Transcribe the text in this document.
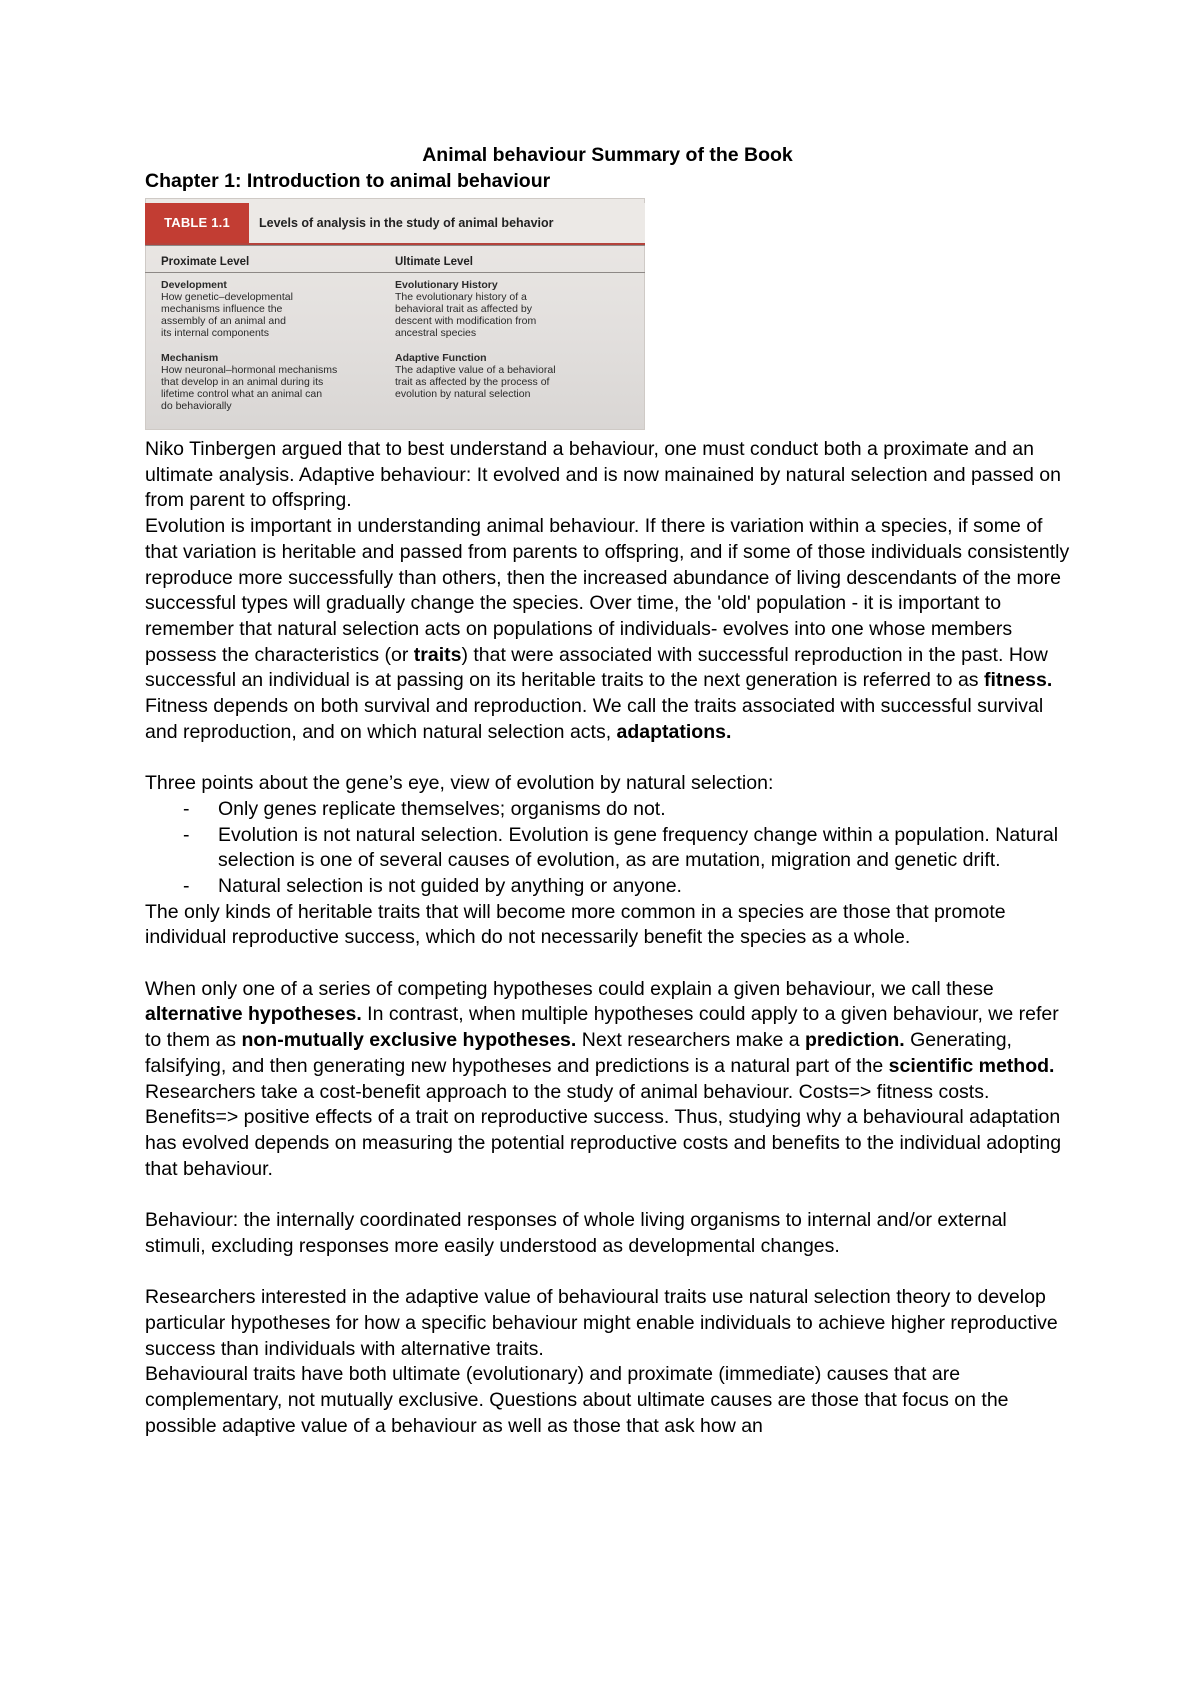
Animal behaviour Summary of the Book
Chapter 1: Introduction to animal behaviour
TABLE 1.1	Levels of analysis in the study of animal behavior
Proximate Level	Ultimate Level
Development
How genetic–developmental
mechanisms influence the
assembly of an animal and
its internal components
Evolutionary History
The evolutionary history of a
behavioral trait as affected by
descent with modification from
ancestral species
Mechanism
How neuronal–hormonal mechanisms
that develop in an animal during its
lifetime control what an animal can
do behaviorally
Adaptive Function
The adaptive value of a behavioral
trait as affected by the process of
evolution by natural selection

Niko Tinbergen argued that to best understand a behaviour, one must conduct both a proximate and an ultimate analysis. Adaptive behaviour: It evolved and is now mainained by natural selection and passed on from parent to offspring.

Evolution is important in understanding animal behaviour. If there is variation within a species, if some of that variation is heritable and passed from parents to offspring, and if some of those individuals consistently reproduce more successfully than others, then the increased abundance of living descendants of the more successful types will gradually change the species. Over time, the 'old' population - it is important to remember that natural selection acts on populations of individuals- evolves into one whose members possess the characteristics (or traits) that were associated with successful reproduction in the past. How successful an individual is at passing on its heritable traits to the next generation is referred to as fitness. Fitness depends on both survival and reproduction. We call the traits associated with successful survival and reproduction, and on which natural selection acts, adaptations.

Three points about the gene’s eye, view of evolution by natural selection:

- Only genes replicate themselves; organisms do not.
- Evolution is not natural selection. Evolution is gene frequency change within a population. Natural selection is one of several causes of evolution, as are mutation, migration and genetic drift.
- Natural selection is not guided by anything or anyone.

The only kinds of heritable traits that will become more common in a species are those that promote individual reproductive success, which do not necessarily benefit the species as a whole.

When only one of a series of competing hypotheses could explain a given behaviour, we call these alternative hypotheses. In contrast, when multiple hypotheses could apply to a given behaviour, we refer to them as non-mutually exclusive hypotheses. Next researchers make a prediction. Generating, falsifying, and then generating new hypotheses and predictions is a natural part of the scientific method. Researchers take a cost-benefit approach to the study of animal behaviour. Costs=> fitness costs. Benefits=> positive effects of a trait on reproductive success. Thus, studying why a behavioural adaptation has evolved depends on measuring the potential reproductive costs and benefits to the individual adopting that behaviour.

Behaviour: the internally coordinated responses of whole living organisms to internal and/or external stimuli, excluding responses more easily understood as developmental changes.

Researchers interested in the adaptive value of behavioural traits use natural selection theory to develop particular hypotheses for how a specific behaviour might enable individuals to achieve higher reproductive success than individuals with alternative traits.

Behavioural traits have both ultimate (evolutionary) and proximate (immediate) causes that are complementary, not mutually exclusive. Questions about ultimate causes are those that focus on the possible adaptive value of a behaviour as well as those that ask how an
